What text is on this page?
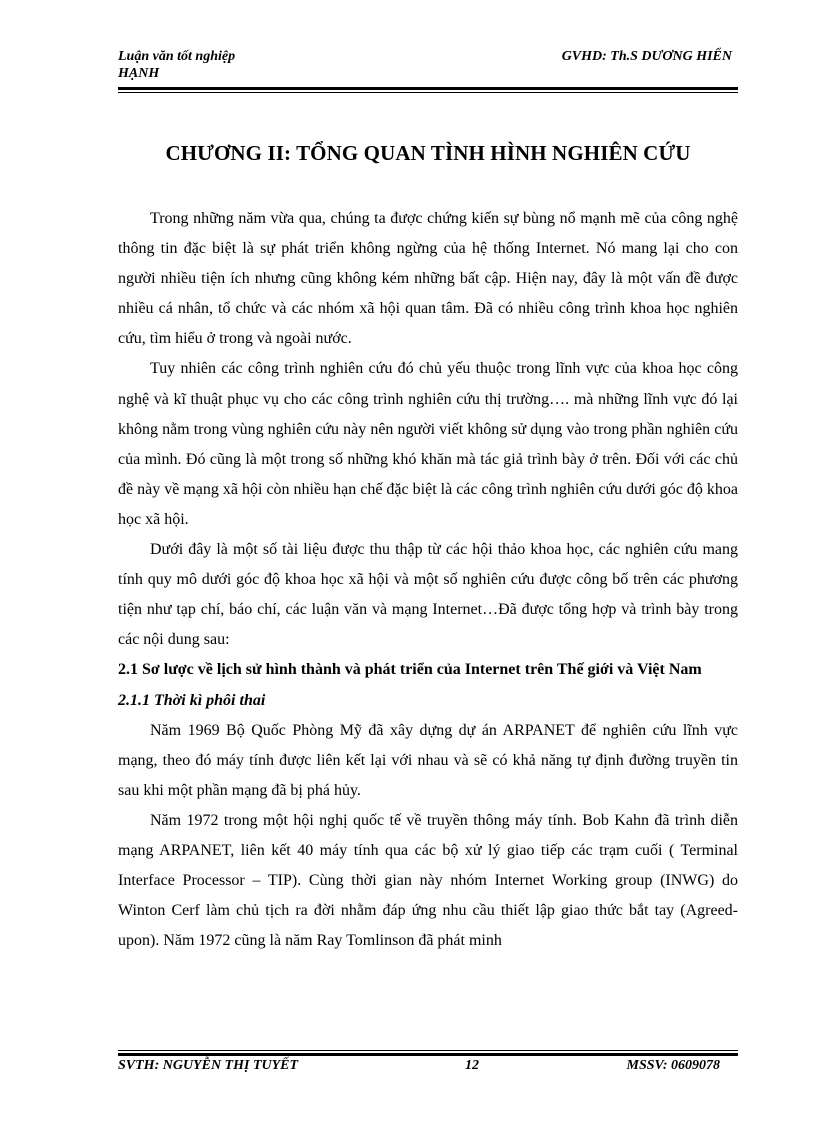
Luận văn tốt nghiệp
HẠNH
GVHD: Th.S DƯƠNG HIỂN
CHƯƠNG II: TỔNG QUAN TÌNH HÌNH NGHIÊN CỨU

Trong những năm vừa qua, chúng ta được chứng kiến sự bùng nổ mạnh mẽ của công nghệ thông tin đặc biệt là sự phát triển không ngừng của hệ thống Internet. Nó mang lại cho con người nhiều tiện ích nhưng cũng không kém những bất cập. Hiện nay, đây là một vấn đề được nhiều cá nhân, tổ chức và các nhóm xã hội quan tâm. Đã có nhiều công trình khoa học nghiên cứu, tìm hiểu ở trong và ngoài nước.

Tuy nhiên các công trình nghiên cứu đó chủ yếu thuộc trong lĩnh vực của khoa học công nghệ và kĩ thuật phục vụ cho các công trình nghiên cứu thị trường…. mà những lĩnh vực đó lại không nằm trong vùng nghiên cứu này nên người viết không sử dụng vào trong phần nghiên cứu của mình. Đó cũng là một trong số những khó khăn mà tác giả trình bày ở trên. Đối với các chủ đề này về mạng xã hội còn nhiều hạn chế đặc biệt là các công trình nghiên cứu dưới góc độ khoa học xã hội.

Dưới đây là một số tài liệu được thu thập từ các hội thảo khoa học, các nghiên cứu mang tính quy mô dưới góc độ khoa học xã hội và một số nghiên cứu được công bố trên các phương tiện như tạp chí, báo chí, các luận văn và mạng Internet…Đã được tổng hợp và trình bày trong các nội dung sau:

2.1 Sơ lược về lịch sử hình thành và phát triển của Internet trên Thế giới và Việt Nam

2.1.1 Thời kì phôi thai

Năm 1969 Bộ Quốc Phòng Mỹ đã xây dựng dự án ARPANET để nghiên cứu lĩnh vực mạng, theo đó máy tính được liên kết lại với nhau và sẽ có khả năng tự định đường truyền tin sau khi một phần mạng đã bị phá hủy.

Năm 1972 trong một hội nghị quốc tế về truyền thông máy tính. Bob Kahn đã trình diễn mạng ARPANET, liên kết 40 máy tính qua các bộ xử lý giao tiếp các trạm cuối ( Terminal Interface Processor – TIP). Cùng thời gian này nhóm Internet Working group (INWG) do Winton Cerf làm chủ tịch ra đời nhằm đáp ứng nhu cầu thiết lập giao thức bắt tay (Agreed- upon). Năm 1972 cũng là năm Ray Tomlinson đã phát minh

SVTH: NGUYỄN THỊ TUYẾT	12	MSSV: 0609078
